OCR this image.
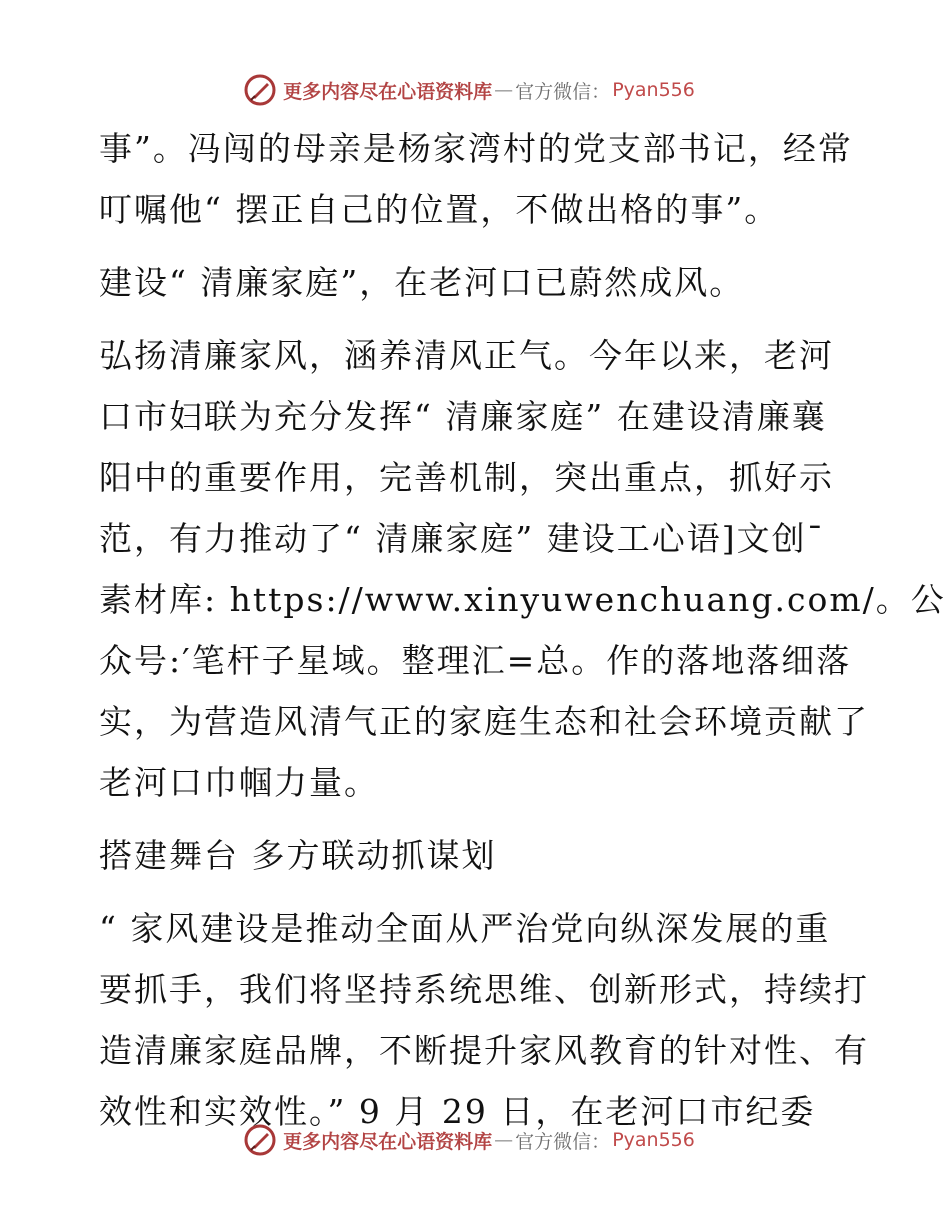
更多内容尽在心语资料库 — 官方微信： Pyan556
事”。冯闯的母亲是杨家湾村的党支部书记，经常
叮嘱他“ 摆正自己的位置，不做出格的事”。
建设“ 清廉家庭”，在老河口已蔚然成风。
弘扬清廉家风，涵养清风正气。今年以来，老河
口市妇联为充分发挥“ 清廉家庭” 在建设清廉襄
阳中的重要作用，完善机制，突出重点，抓好示
范，有力推动了“ 清廉家庭” 建设工心语]文创¯
素材库: https://www.xinyuwenchuang.com/。公
众号:′笔杆子星域。整理汇=总。作的落地落细落
实，为营造风清气正的家庭生态和社会环境贡献了
老河口巾帼力量。
搭建舞台 多方联动抓谋划
“ 家风建设是推动全面从严治党向纵深发展的重
要抓手，我们将坚持系统思维、创新形式，持续打
造清廉家庭品牌，不断提升家风教育的针对性、有
效性和实效性。” 9 月 29 日，在老河口市纪委
更多内容尽在心语资料库 — 官方微信： Pyan556
